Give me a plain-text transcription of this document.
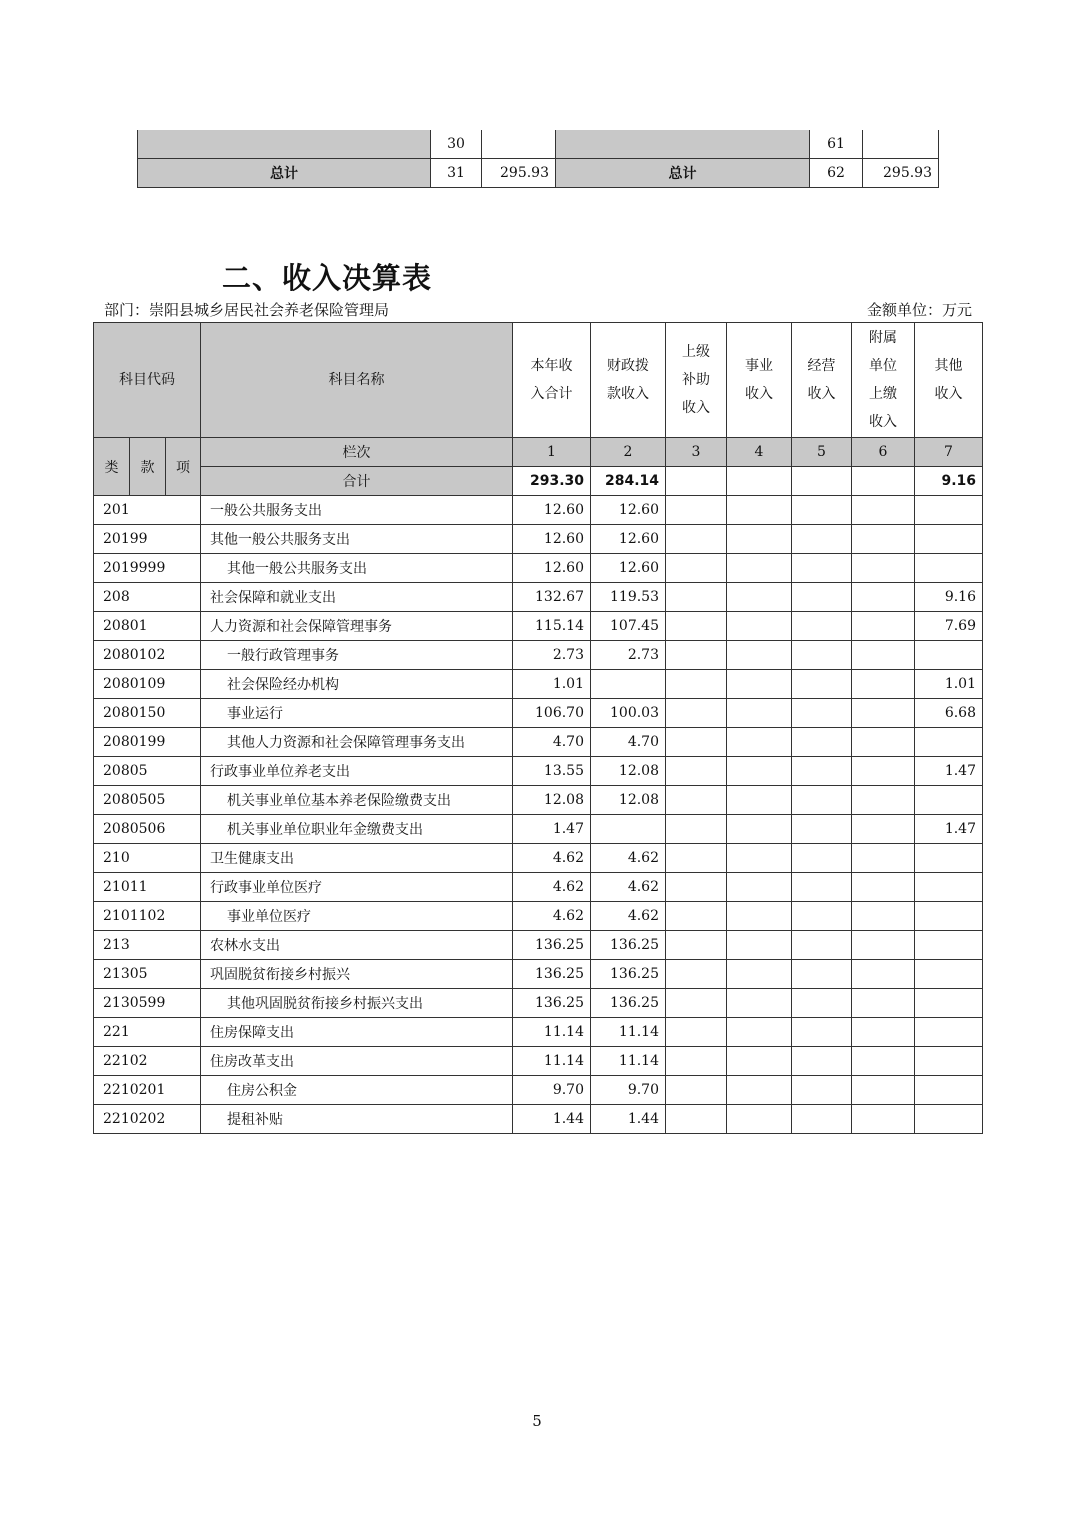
	30			61	
总计	31	295.93	总计	62	295.93
二、收入决算表
部门：崇阳县城乡居民社会养老保险管理局	金额单位：万元
科目代码			科目名称	本年收入合计	财政拨款收入	上级补助收入	事业收入	经营收入	附属单位上缴收入	其他收入
类	款	项	栏次	1	2	3	4	5	6	7
			合计	293.30	284.14					9.16
201			一般公共服务支出	12.60	12.60					
20199			其他一般公共服务支出	12.60	12.60					
2019999			其他一般公共服务支出	12.60	12.60					
208			社会保障和就业支出	132.67	119.53					9.16
20801			人力资源和社会保障管理事务	115.14	107.45					7.69
2080102			一般行政管理事务	2.73	2.73					
2080109			社会保险经办机构	1.01						1.01
2080150			事业运行	106.70	100.03					6.68
2080199			其他人力资源和社会保障管理事务支出	4.70	4.70					
20805			行政事业单位养老支出	13.55	12.08					1.47
2080505			机关事业单位基本养老保险缴费支出	12.08	12.08					
2080506			机关事业单位职业年金缴费支出	1.47						1.47
210			卫生健康支出	4.62	4.62					
21011			行政事业单位医疗	4.62	4.62					
2101102			事业单位医疗	4.62	4.62					
213			农林水支出	136.25	136.25					
21305			巩固脱贫衔接乡村振兴	136.25	136.25					
2130599			其他巩固脱贫衔接乡村振兴支出	136.25	136.25					
221			住房保障支出	11.14	11.14					
22102			住房改革支出	11.14	11.14					
2210201			住房公积金	9.70	9.70					
2210202			提租补贴	1.44	1.44					
5
